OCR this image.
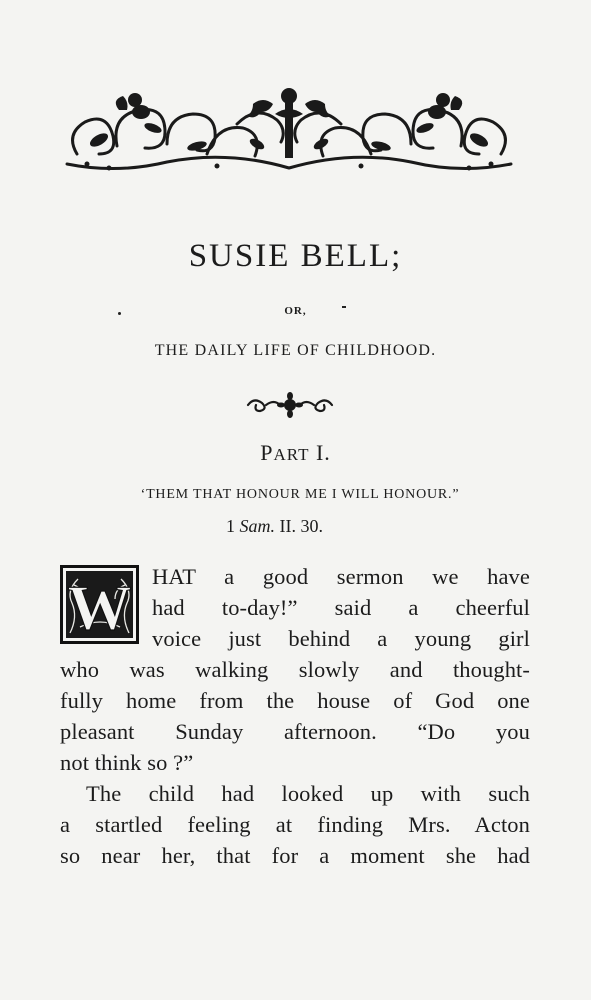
SUSIE BELL;
OR,
THE DAILY LIFE OF CHILDHOOD.
PART I.
‘THEM THAT HONOUR ME I WILL HONOUR.”
1 Sam. II. 30.
W HAT a good sermon we have
had to-day!” said a cheerful
voice just behind a young girl
who was walking slowly and thought-
fully home from the house of God one
pleasant Sunday afternoon. “Do you
not think so ?”
The child had looked up with such
a startled feeling at finding Mrs. Acton
so near her, that for a moment she had
